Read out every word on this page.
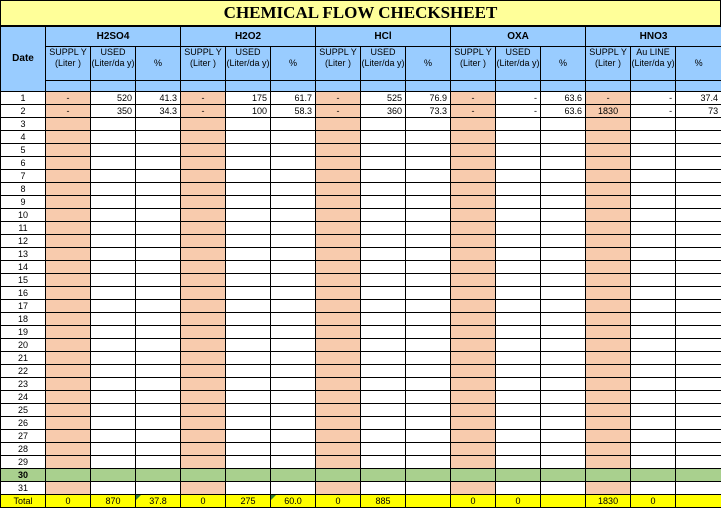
CHEMICAL FLOW CHECKSHEET
Date	H2SO4			H2O2			HCl			OXA			HNO3		
	SUPPL Y (Liter )	USED (Liter/da y)	%	SUPPL Y (Liter )	USED (Liter/da y)	%	SUPPL Y (Liter )	USED (Liter/da y)	%	SUPPL Y (Liter )	USED (Liter/da y)	%	SUPPL Y (Liter )	Au LINE (Liter/da y)	%

1	-	520	41.3	-	175	61.7	-	525	76.9	-	-	63.6	-	-	37.4
2	-	350	34.3	-	100	58.3	-	360	73.3	-	-	63.6	1830	-	73
3															
4															
5															
6															
7															
8															
9															
10															
11															
12															
13															
14															
15															
16															
17															
18															
19															
20															
21															
22															
23															
24															
25															
26															
27															
28															
29															
30															
31															
Total	0	870	37.8	0	275	60.0	0	885		0	0		1830	0	
